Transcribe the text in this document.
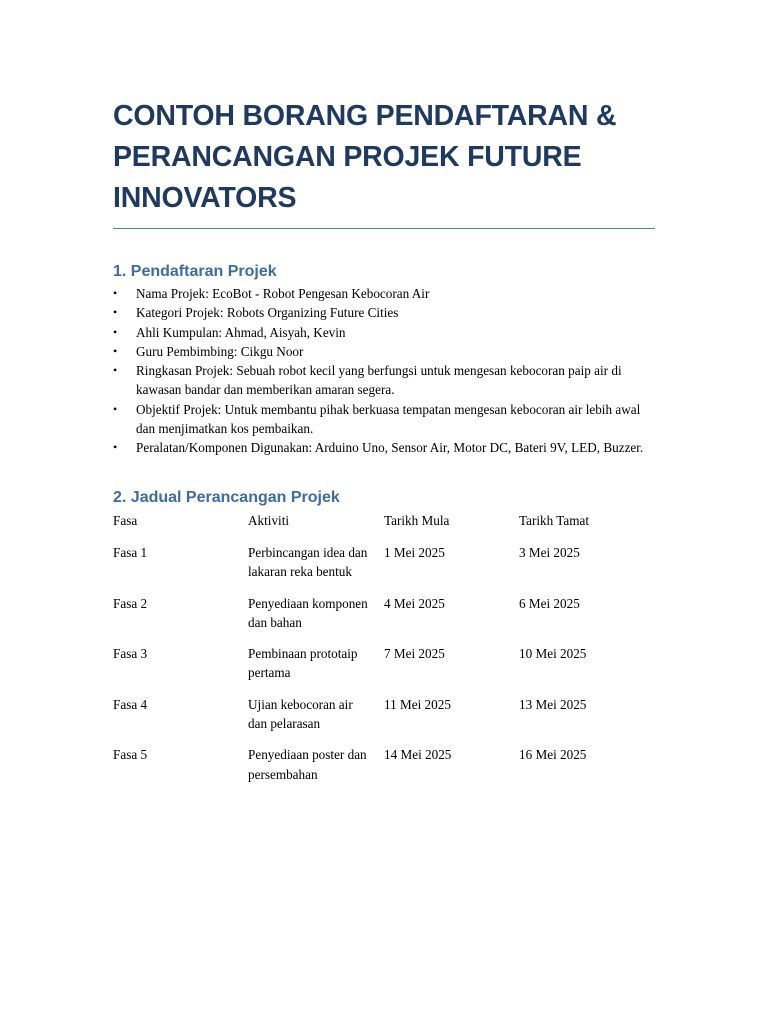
CONTOH BORANG PENDAFTARAN & PERANCANGAN PROJEK FUTURE INNOVATORS
1. Pendaftaran Projek
• Nama Projek: EcoBot - Robot Pengesan Kebocoran Air
• Kategori Projek: Robots Organizing Future Cities
• Ahli Kumpulan: Ahmad, Aisyah, Kevin
• Guru Pembimbing: Cikgu Noor
• Ringkasan Projek: Sebuah robot kecil yang berfungsi untuk mengesan kebocoran paip air di kawasan bandar dan memberikan amaran segera.
• Objektif Projek: Untuk membantu pihak berkuasa tempatan mengesan kebocoran air lebih awal dan menjimatkan kos pembaikan.
• Peralatan/Komponen Digunakan: Arduino Uno, Sensor Air, Motor DC, Bateri 9V, LED, Buzzer.
2. Jadual Perancangan Projek
Fasa	Aktiviti	Tarikh Mula	Tarikh Tamat
Fasa 1	Perbincangan idea dan lakaran reka bentuk	1 Mei 2025	3 Mei 2025
Fasa 2	Penyediaan komponen dan bahan	4 Mei 2025	6 Mei 2025
Fasa 3	Pembinaan prototaip pertama	7 Mei 2025	10 Mei 2025
Fasa 4	Ujian kebocoran air dan pelarasan	11 Mei 2025	13 Mei 2025
Fasa 5	Penyediaan poster dan persembahan	14 Mei 2025	16 Mei 2025
